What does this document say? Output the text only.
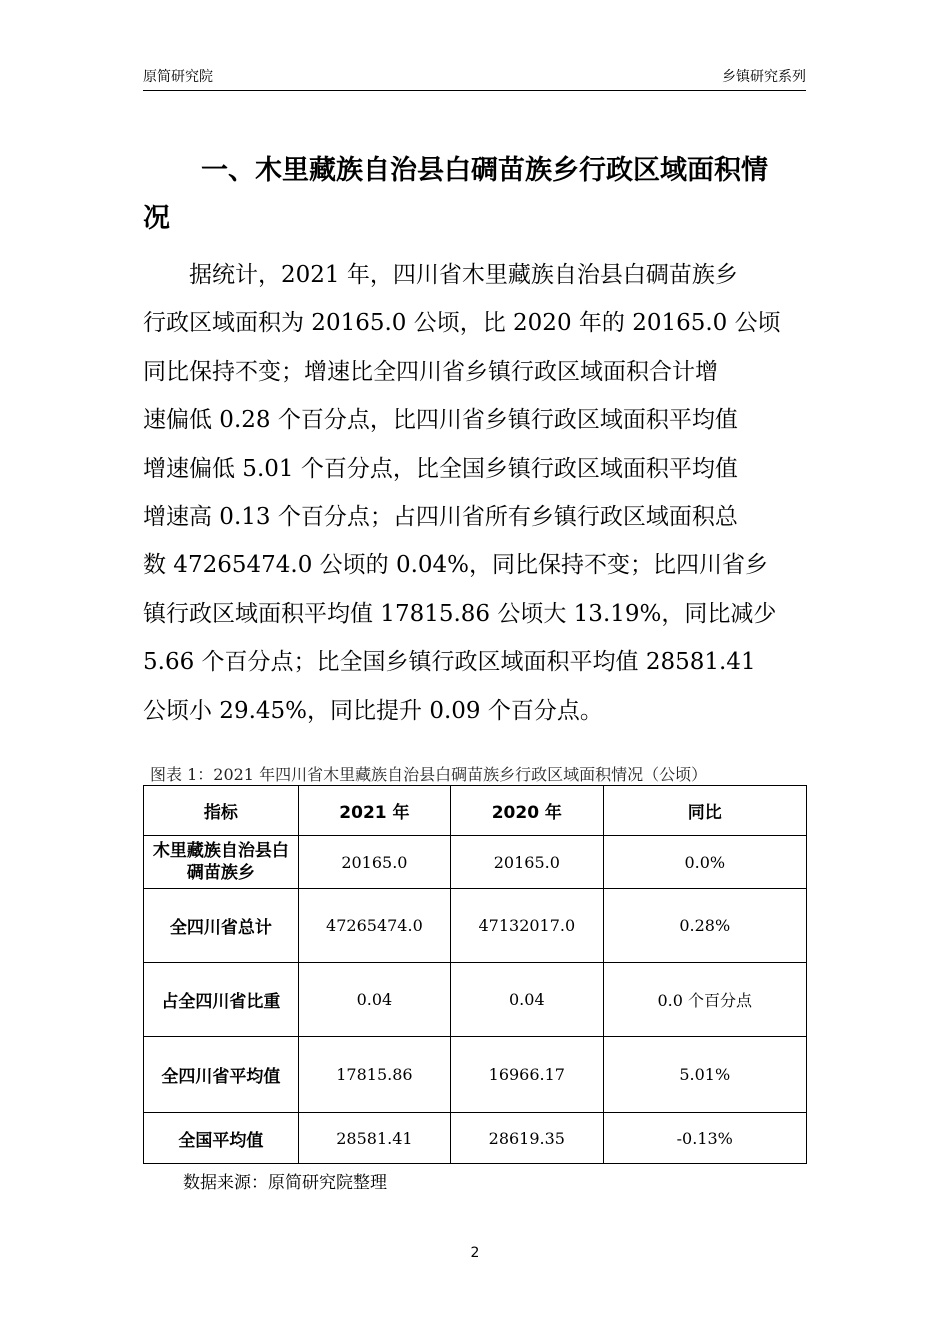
原简研究院	乡镇研究系列
一、木里藏族自治县白碉苗族乡行政区域面积情
况
据统计，2021 年，四川省木里藏族自治县白碉苗族乡
行政区域面积为 20165.0 公顷，比 2020 年的 20165.0 公顷
同比保持不变；增速比全四川省乡镇行政区域面积合计增
速偏低 0.28 个百分点，比四川省乡镇行政区域面积平均值
增速偏低 5.01 个百分点，比全国乡镇行政区域面积平均值
增速高 0.13 个百分点；占四川省所有乡镇行政区域面积总
数 47265474.0 公顷的 0.04%，同比保持不变；比四川省乡
镇行政区域面积平均值 17815.86 公顷大 13.19%，同比减少
5.66 个百分点；比全国乡镇行政区域面积平均值 28581.41
公顷小 29.45%，同比提升 0.09 个百分点。
图表 1：2021 年四川省木里藏族自治县白碉苗族乡行政区域面积情况（公顷）
指标	2021 年	2020 年	同比
木里藏族自治县白碉苗族乡	20165.0	20165.0	0.0%
全四川省总计	47265474.0	47132017.0	0.28%
占全四川省比重	0.04	0.04	0.0 个百分点
全四川省平均值	17815.86	16966.17	5.01%
全国平均值	28581.41	28619.35	-0.13%
数据来源：原简研究院整理
2
